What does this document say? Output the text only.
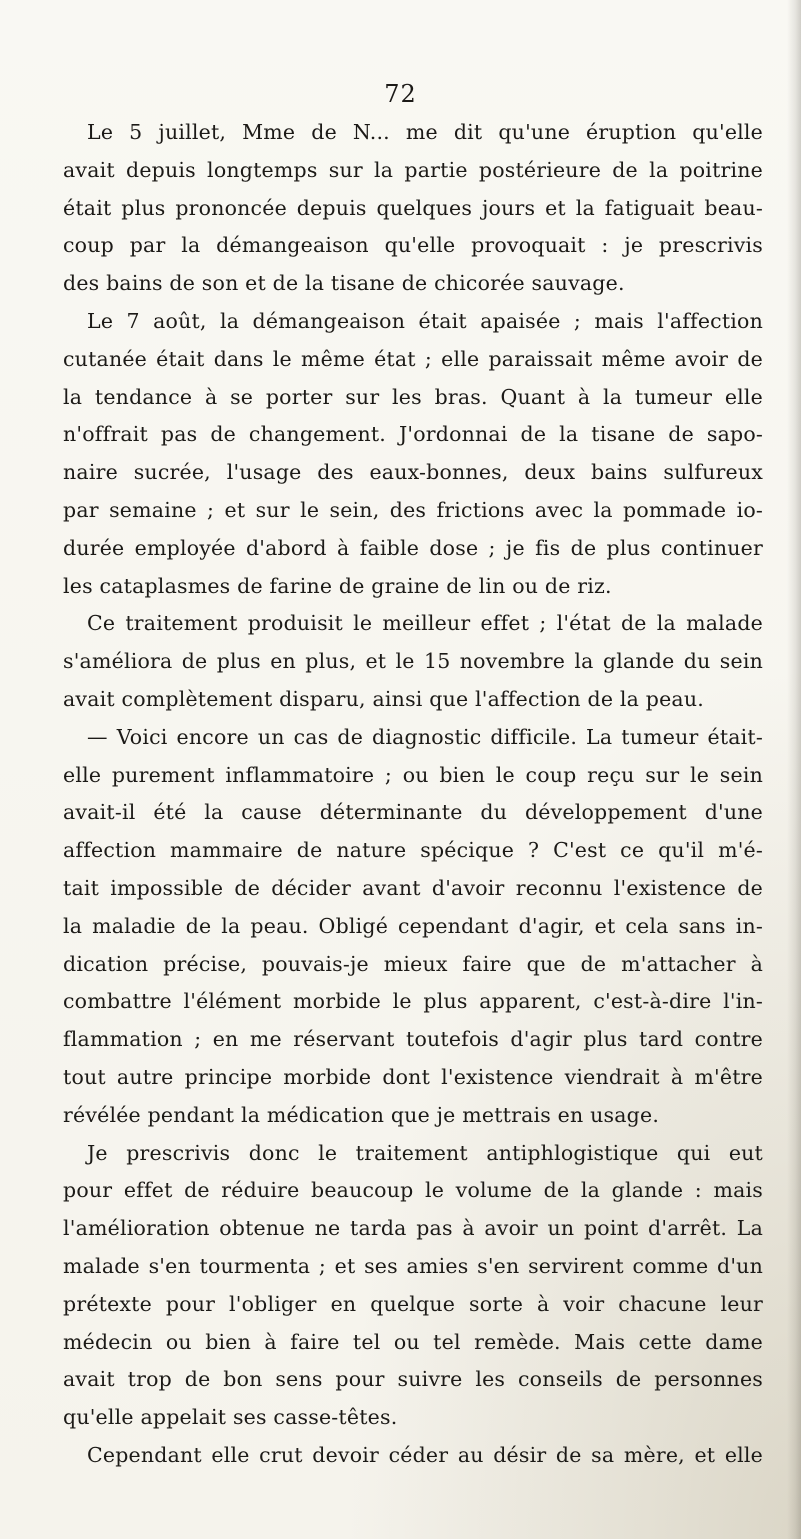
72
Le 5 juillet, Mme de N... me dit qu'une éruption qu'elle
avait depuis longtemps sur la partie postérieure de la poitrine
était plus prononcée depuis quelques jours et la fatiguait beau-
coup par la démangeaison qu'elle provoquait : je prescrivis
des bains de son et de la tisane de chicorée sauvage.
Le 7 août, la démangeaison était apaisée ; mais l'affection
cutanée était dans le même état ; elle paraissait même avoir de
la tendance à se porter sur les bras. Quant à la tumeur elle
n'offrait pas de changement. J'ordonnai de la tisane de sapo-
naire sucrée, l'usage des eaux-bonnes, deux bains sulfureux
par semaine ; et sur le sein, des frictions avec la pommade io-
durée employée d'abord à faible dose ; je fis de plus continuer
les cataplasmes de farine de graine de lin ou de riz.
Ce traitement produisit le meilleur effet ; l'état de la malade
s'améliora de plus en plus, et le 15 novembre la glande du sein
avait complètement disparu, ainsi que l'affection de la peau.
— Voici encore un cas de diagnostic difficile. La tumeur était-
elle purement inflammatoire ; ou bien le coup reçu sur le sein
avait-il été la cause déterminante du développement d'une
affection mammaire de nature spécique ? C'est ce qu'il m'é-
tait impossible de décider avant d'avoir reconnu l'existence de
la maladie de la peau. Obligé cependant d'agir, et cela sans in-
dication précise, pouvais-je mieux faire que de m'attacher à
combattre l'élément morbide le plus apparent, c'est-à-dire l'in-
flammation ; en me réservant toutefois d'agir plus tard contre
tout autre principe morbide dont l'existence viendrait à m'être
révélée pendant la médication que je mettrais en usage.
Je prescrivis donc le traitement antiphlogistique qui eut
pour effet de réduire beaucoup le volume de la glande : mais
l'amélioration obtenue ne tarda pas à avoir un point d'arrêt. La
malade s'en tourmenta ; et ses amies s'en servirent comme d'un
prétexte pour l'obliger en quelque sorte à voir chacune leur
médecin ou bien à faire tel ou tel remède. Mais cette dame
avait trop de bon sens pour suivre les conseils de personnes
qu'elle appelait ses casse-têtes.
Cependant elle crut devoir céder au désir de sa mère, et elle
